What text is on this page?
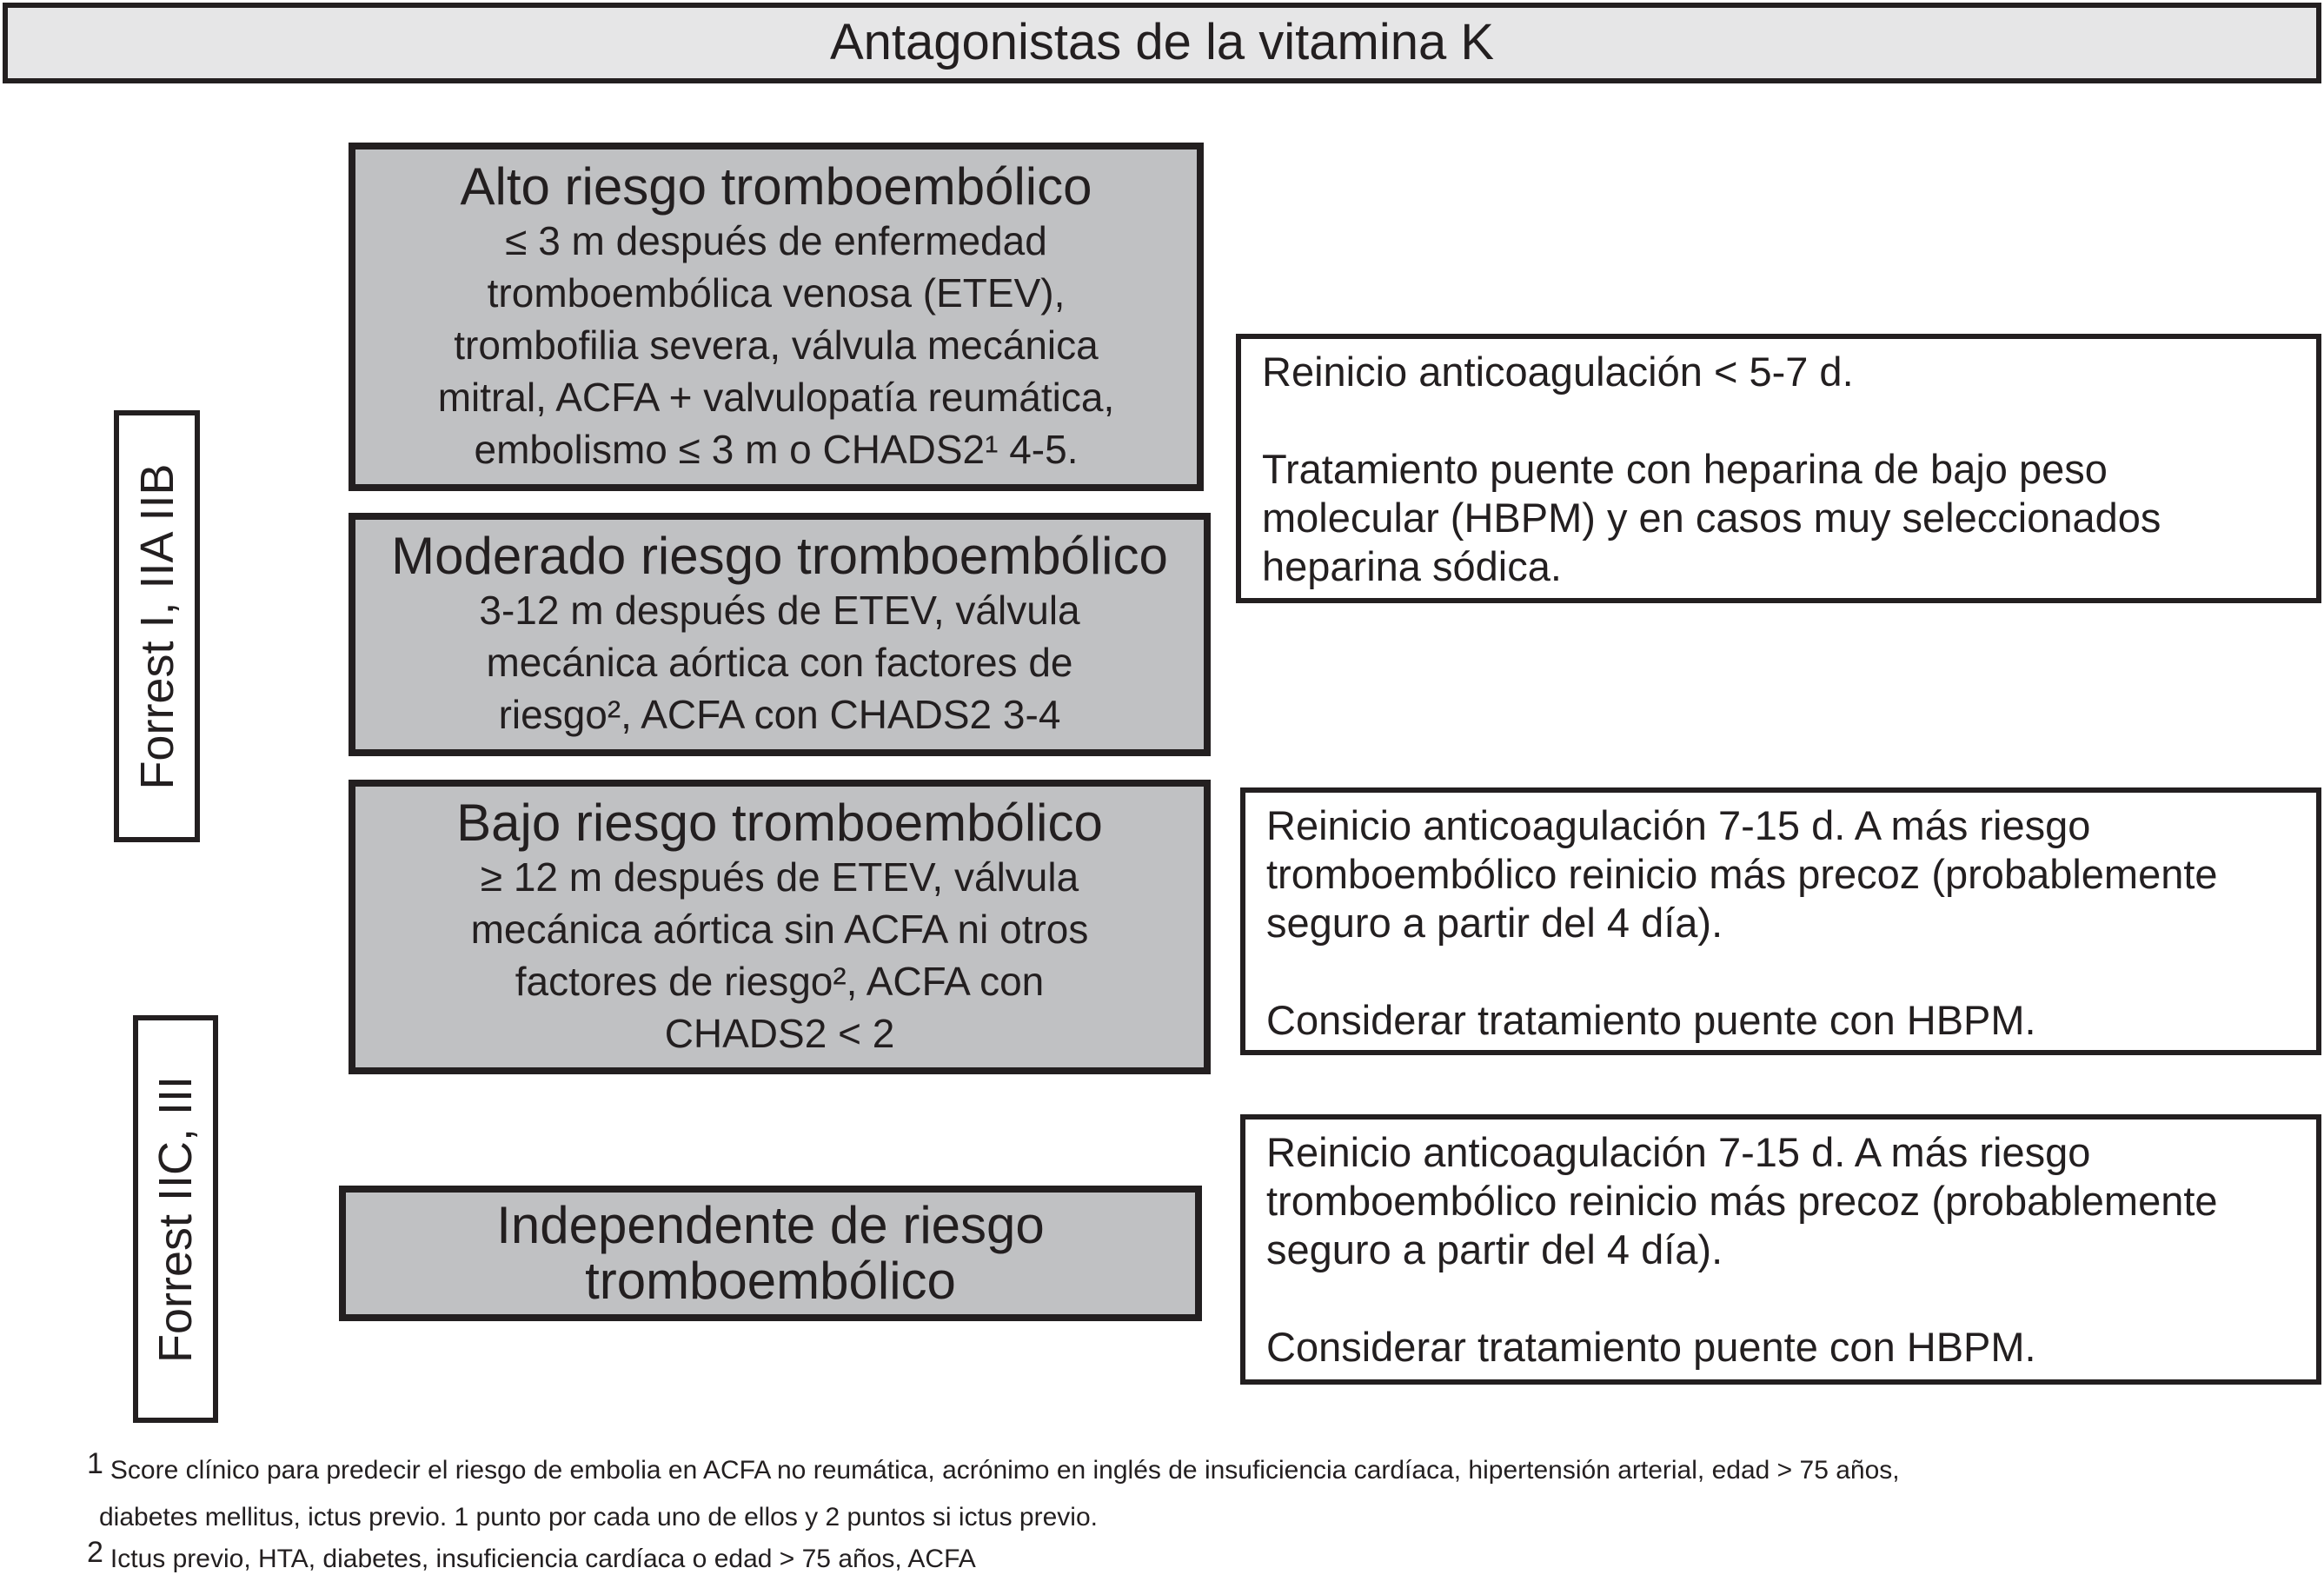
Antagonistas de la vitamina K
Forrest I, IIA IIB
Forrest IIC, III
Alto riesgo tromboembólico
≤ 3 m después de enfermedad
tromboembólica venosa (ETEV),
trombofilia severa, válvula mecánica
mitral, ACFA + valvulopatía reumática,
embolismo ≤ 3 m o CHADS2¹ 4-5.
Moderado riesgo tromboembólico
3-12 m después de ETEV, válvula
mecánica aórtica con factores de
riesgo², ACFA con CHADS2 3-4
Bajo riesgo tromboembólico
≥ 12 m después de ETEV, válvula
mecánica aórtica sin ACFA ni otros
factores de riesgo², ACFA con
CHADS2 < 2
Independente de riesgo
tromboembólico

Reinicio anticoagulación < 5-7 d.

Tratamiento puente con heparina de bajo peso molecular (HBPM) y en casos muy seleccionados heparina sódica.

Reinicio anticoagulación 7-15 d. A más riesgo tromboembólico reinicio más precoz (probablemente seguro a partir del 4 día).

Considerar tratamiento puente con HBPM.

Reinicio anticoagulación 7-15 d. A más riesgo tromboembólico reinicio más precoz (probablemente seguro a partir del 4 día).

Considerar tratamiento puente con HBPM.

$^1$ Score clínico para predecir el riesgo de embolia en ACFA no reumática, acrónimo en inglés de insuficiencia cardíaca, hipertensión arterial, edad > 75 años,
diabetes mellitus, ictus previo. 1 punto por cada uno de ellos y 2 puntos si ictus previo.
$^2$ Ictus previo, HTA, diabetes, insuficiencia cardíaca o edad > 75 años, ACFA
